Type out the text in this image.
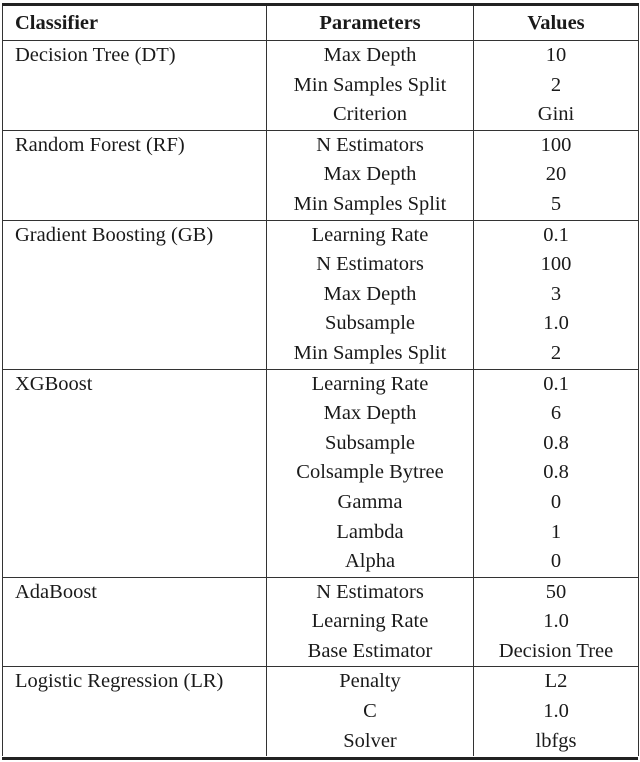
Classifier	Parameters	Values
Decision Tree (DT)	Max Depth	10
	Min Samples Split	2
	Criterion	Gini
Random Forest (RF)	N Estimators	100
	Max Depth	20
	Min Samples Split	5
Gradient Boosting (GB)	Learning Rate	0.1
	N Estimators	100
	Max Depth	3
	Subsample	1.0
	Min Samples Split	2
XGBoost	Learning Rate	0.1
	Max Depth	6
	Subsample	0.8
	Colsample Bytree	0.8
	Gamma	0
	Lambda	1
	Alpha	0
AdaBoost	N Estimators	50
	Learning Rate	1.0
	Base Estimator	Decision Tree
Logistic Regression (LR)	Penalty	L2
	C	1.0
	Solver	lbfgs
